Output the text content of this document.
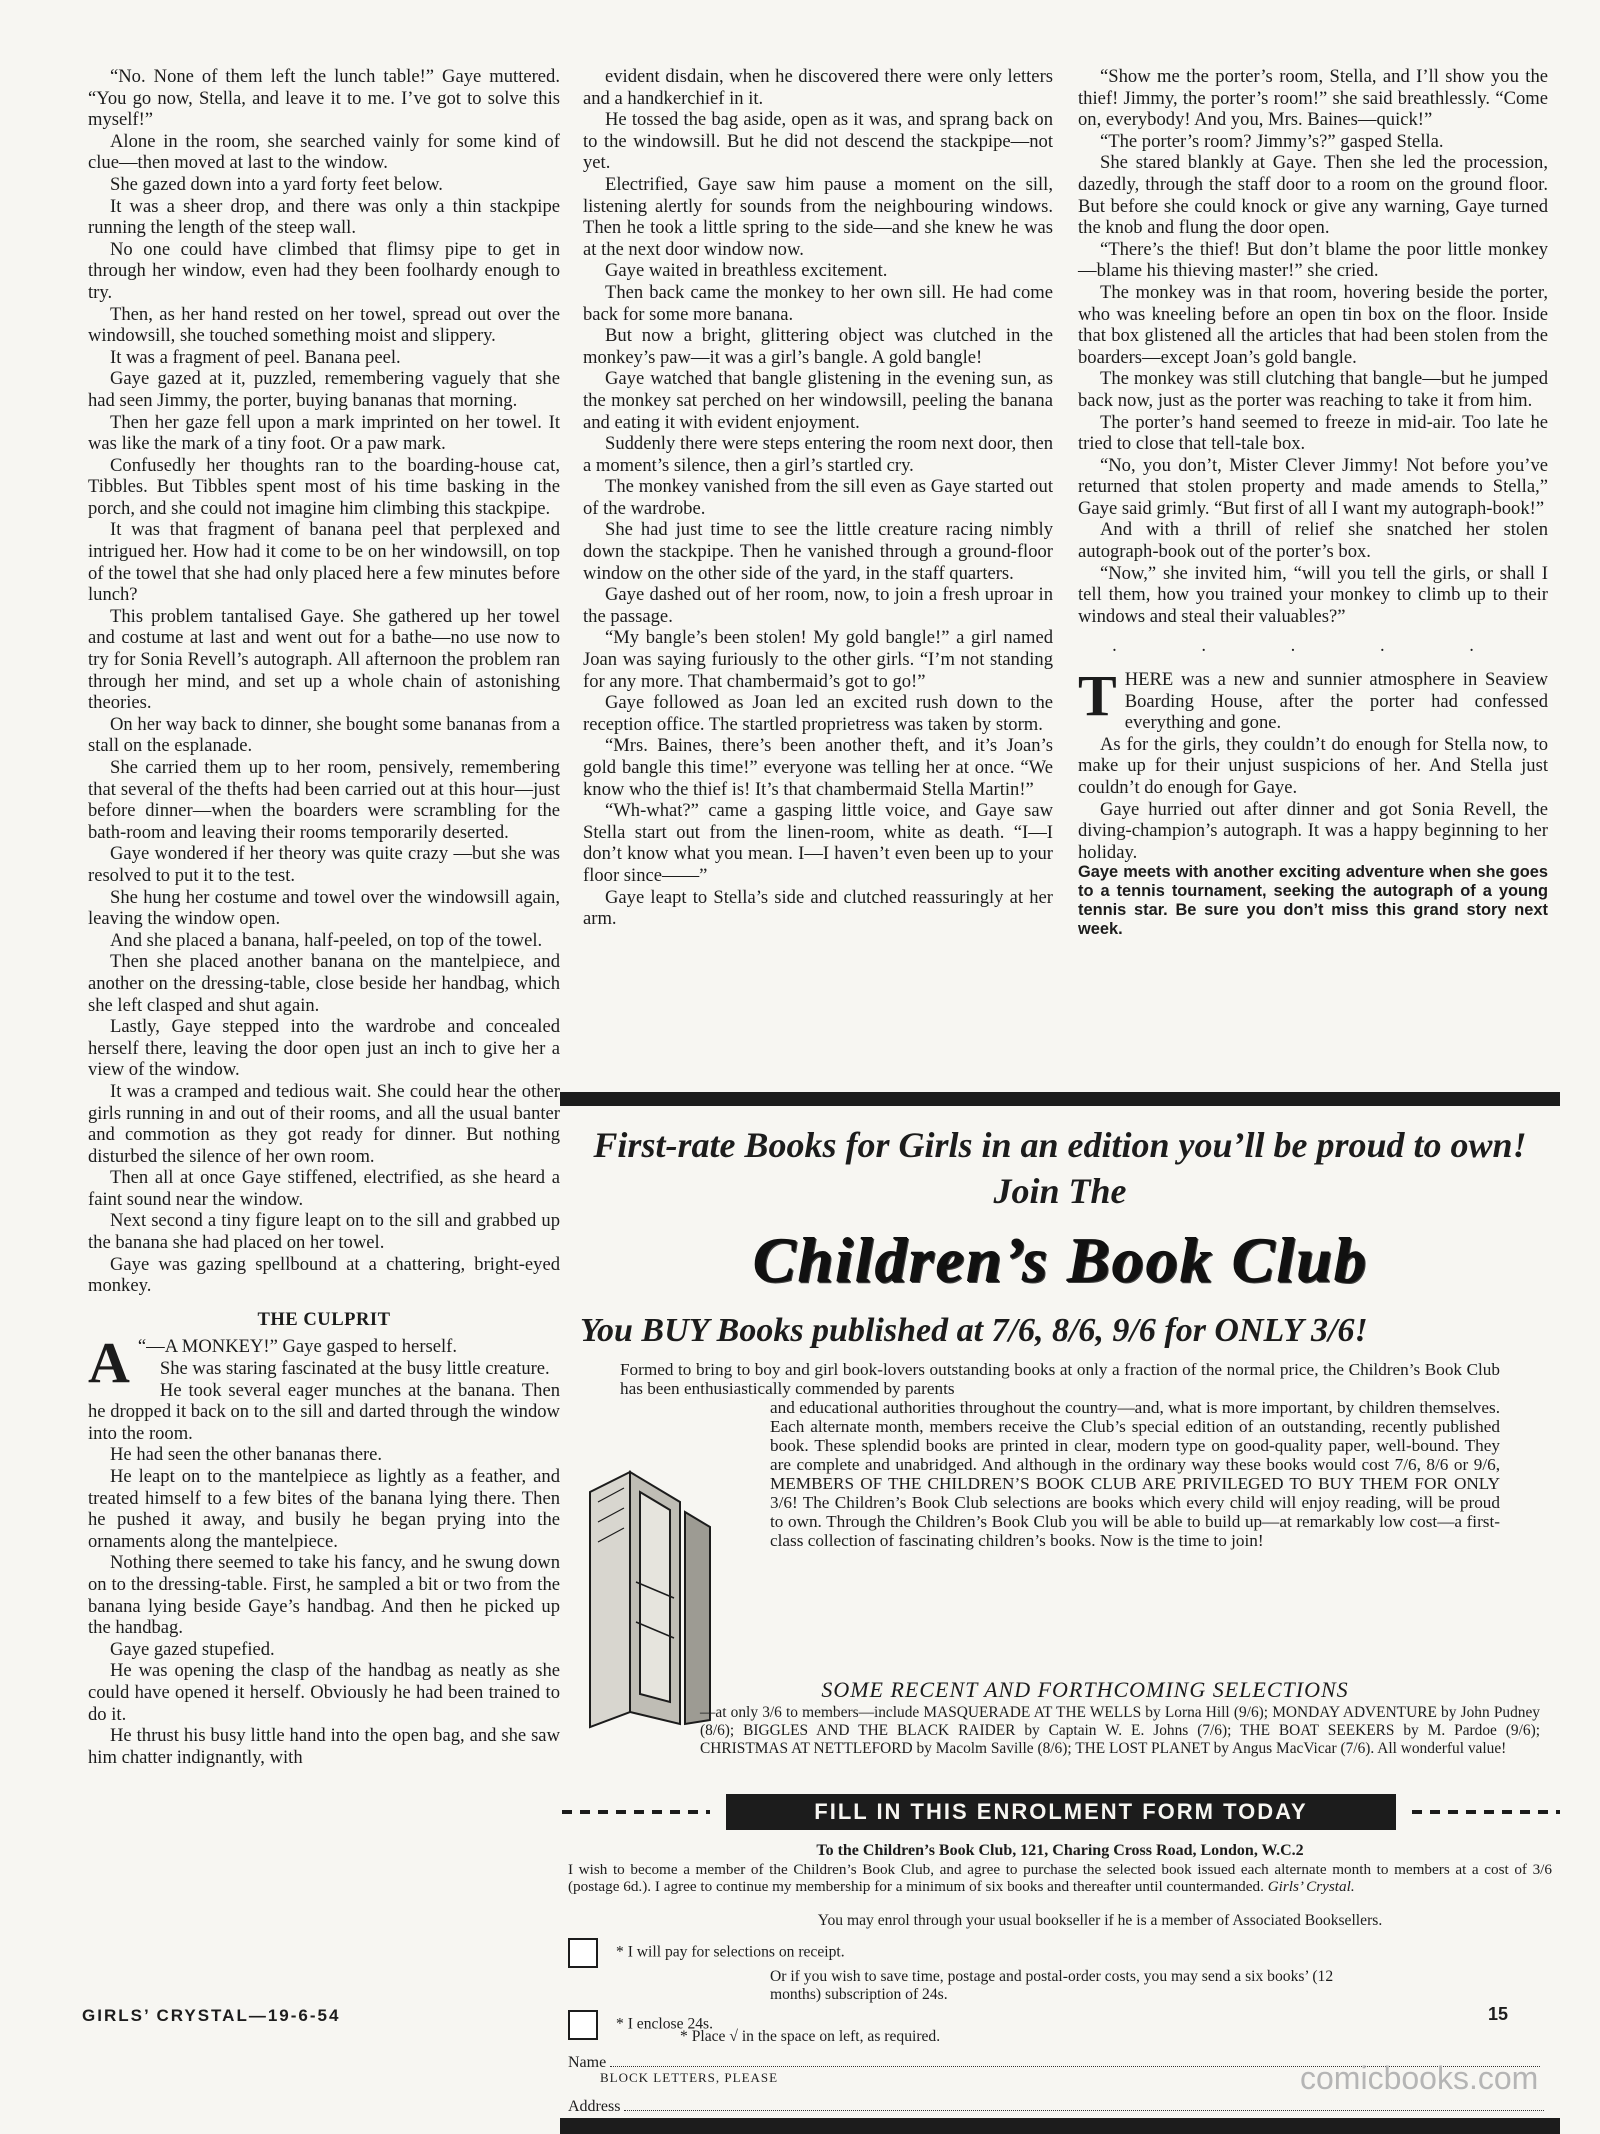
“No. None of them left the lunch table!” Gaye muttered. “You go now, Stella, and leave it to me. I’ve got to solve this myself!”

Alone in the room, she searched vainly for some kind of clue—then moved at last to the window.

She gazed down into a yard forty feet below.

It was a sheer drop, and there was only a thin stackpipe running the length of the steep wall.

No one could have climbed that flimsy pipe to get in through her window, even had they been foolhardy enough to try.

Then, as her hand rested on her towel, spread out over the windowsill, she touched something moist and slippery.

It was a fragment of peel. Banana peel.

Gaye gazed at it, puzzled, remembering vaguely that she had seen Jimmy, the porter, buying bananas that morning.

Then her gaze fell upon a mark imprinted on her towel. It was like the mark of a tiny foot. Or a paw mark.

Confusedly her thoughts ran to the boarding-house cat, Tibbles. But Tibbles spent most of his time basking in the porch, and she could not imagine him climbing this stackpipe.

It was that fragment of banana peel that perplexed and intrigued her. How had it come to be on her windowsill, on top of the towel that she had only placed here a few minutes before lunch?

This problem tantalised Gaye. She gathered up her towel and costume at last and went out for a bathe—no use now to try for Sonia Revell’s autograph. All afternoon the problem ran through her mind, and set up a whole chain of astonishing theories.

On her way back to dinner, she bought some bananas from a stall on the esplanade.

She carried them up to her room, pensively, remembering that several of the thefts had been carried out at this hour—just before dinner—when the boarders were scrambling for the bath-room and leaving their rooms temporarily deserted.

Gaye wondered if her theory was quite crazy —but she was resolved to put it to the test.

She hung her costume and towel over the windowsill again, leaving the window open.

And she placed a banana, half-peeled, on top of the towel.

Then she placed another banana on the mantelpiece, and another on the dressing-table, close beside her handbag, which she left clasped and shut again.

Lastly, Gaye stepped into the wardrobe and concealed herself there, leaving the door open just an inch to give her a view of the window.

It was a cramped and tedious wait. She could hear the other girls running in and out of their rooms, and all the usual banter and commotion as they got ready for dinner. But nothing disturbed the silence of her own room.

Then all at once Gaye stiffened, electrified, as she heard a faint sound near the window.

Next second a tiny figure leapt on to the sill and grabbed up the banana she had placed on her towel.

Gaye was gazing spellbound at a chattering, bright-eyed monkey.

THE CULPRIT

“
A —A MONKEY!” Gaye gasped to herself.

She was staring fascinated at the busy little creature.

He took several eager munches at the banana. Then he dropped it back on to the sill and darted through the window into the room.

He had seen the other bananas there.

He leapt on to the mantelpiece as lightly as a feather, and treated himself to a few bites of the banana lying there. Then he pushed it away, and busily he began prying into the ornaments along the mantelpiece.

Nothing there seemed to take his fancy, and he swung down on to the dressing-table. First, he sampled a bit or two from the banana lying beside Gaye’s handbag. And then he picked up the handbag.

Gaye gazed stupefied.

He was opening the clasp of the handbag as neatly as she could have opened it herself. Obviously he had been trained to do it.

He thrust his busy little hand into the open bag, and she saw him chatter indignantly, with

evident disdain, when he discovered there were only letters and a handkerchief in it.

He tossed the bag aside, open as it was, and sprang back on to the windowsill. But he did not descend the stackpipe—not yet.

Electrified, Gaye saw him pause a moment on the sill, listening alertly for sounds from the neighbouring windows. Then he took a little spring to the side—and she knew he was at the next door window now.

Gaye waited in breathless excitement.

Then back came the monkey to her own sill. He had come back for some more banana.

But now a bright, glittering object was clutched in the monkey’s paw—it was a girl’s bangle. A gold bangle!

Gaye watched that bangle glistening in the evening sun, as the monkey sat perched on her windowsill, peeling the banana and eating it with evident enjoyment.

Suddenly there were steps entering the room next door, then a moment’s silence, then a girl’s startled cry.

The monkey vanished from the sill even as Gaye started out of the wardrobe.

She had just time to see the little creature racing nimbly down the stackpipe. Then he vanished through a ground-floor window on the other side of the yard, in the staff quarters.

Gaye dashed out of her room, now, to join a fresh uproar in the passage.

“My bangle’s been stolen! My gold bangle!” a girl named Joan was saying furiously to the other girls. “I’m not standing for any more. That chambermaid’s got to go!”

Gaye followed as Joan led an excited rush down to the reception office. The startled proprietress was taken by storm.

“Mrs. Baines, there’s been another theft, and it’s Joan’s gold bangle this time!” everyone was telling her at once. “We know who the thief is! It’s that chambermaid Stella Martin!”

“Wh-what?” came a gasping little voice, and Gaye saw Stella start out from the linen-room, white as death. “I—I don’t know what you mean. I—I haven’t even been up to your floor since——”

Gaye leapt to Stella’s side and clutched reassuringly at her arm.

“Show me the porter’s room, Stella, and I’ll show you the thief! Jimmy, the porter’s room!” she said breathlessly. “Come on, everybody! And you, Mrs. Baines—quick!”

“The porter’s room? Jimmy’s?” gasped Stella.

She stared blankly at Gaye. Then she led the procession, dazedly, through the staff door to a room on the ground floor. But before she could knock or give any warning, Gaye turned the knob and flung the door open.

“There’s the thief! But don’t blame the poor little monkey—blame his thieving master!” she cried.

The monkey was in that room, hovering beside the porter, who was kneeling before an open tin box on the floor. Inside that box glistened all the articles that had been stolen from the boarders—except Joan’s gold bangle.

The monkey was still clutching that bangle—but he jumped back now, just as the porter was reaching to take it from him.

The porter’s hand seemed to freeze in mid-air. Too late he tried to close that tell-tale box.

“No, you don’t, Mister Clever Jimmy! Not before you’ve returned that stolen property and made amends to Stella,” Gaye said grimly. “But first of all I want my autograph-book!”

And with a thrill of relief she snatched her stolen autograph-book out of the porter’s box.

“Now,” she invited him, “will you tell the girls, or shall I tell them, how you trained your monkey to climb up to their windows and steal their valuables?”

. . . . .

THERE was a new and sunnier atmosphere in Seaview Boarding House, after the porter had confessed everything and gone.

As for the girls, they couldn’t do enough for Stella now, to make up for their unjust suspicions of her. And Stella just couldn’t do enough for Gaye.

Gaye hurried out after dinner and got Sonia Revell, the diving-champion’s autograph. It was a happy beginning to her holiday.

Gaye meets with another exciting adventure when she goes to a tennis tournament, seeking the autograph of a young tennis star. Be sure you don’t miss this grand story next week.

First-rate Books for Girls in an edition you’ll be proud to own! Join The
Children’s Book Club
You BUY Books published at 7/6, 8/6, 9/6 for ONLY 3/6!
Formed to bring to boy and girl book-lovers outstanding books at only a fraction of the normal price, the Children’s Book Club has been enthusiastically commended by parents
and educational authorities throughout the country—and, what is more important, by children themselves. Each alternate month, members receive the Club’s special edition of an outstanding, recently published book. These splendid books are printed in clear, modern type on good-quality paper, well-bound. They are complete and unabridged. And although in the ordinary way these books would cost 7/6, 8/6 or 9/6, MEMBERS OF THE CHILDREN’S BOOK CLUB ARE PRIVILEGED TO BUY THEM FOR ONLY 3/6! The Children’s Book Club selections are books which every child will enjoy reading, will be proud to own. Through the Children’s Book Club you will be able to build up—at remarkably low cost—a first-class collection of fascinating children’s books. Now is the time to join!
SOME RECENT AND FORTHCOMING SELECTIONS
—at only 3/6 to members—include MASQUERADE AT THE WELLS by Lorna Hill (9/6); MONDAY ADVENTURE by John Pudney (8/6); BIGGLES AND THE BLACK RAIDER by Captain W. E. Johns (7/6); THE BOAT SEEKERS by M. Pardoe (9/6); CHRISTMAS AT NETTLEFORD by Macolm Saville (8/6); THE LOST PLANET by Angus MacVicar (7/6). All wonderful value!
FILL IN THIS ENROLMENT FORM TODAY
To the Children’s Book Club, 121, Charing Cross Road, London, W.C.2
I wish to become a member of the Children’s Book Club, and agree to purchase the selected book issued each alternate month to members at a cost of 3/6 (postage 6d.). I agree to continue my membership for a minimum of six books and thereafter until countermanded. Girls’ Crystal.
You may enrol through your usual bookseller if he is a member of Associated Booksellers.
* I will pay for selections on receipt.
Or if you wish to save time, postage and postal-order costs, you may send a six books’ (12 months) subscription of 24s.
* I enclose 24s.
* Place √ in the space on left, as required.
Name
BLOCK LETTERS, PLEASE
Address
GIRLS’ CRYSTAL—19-6-54	15
comicbooks.com
